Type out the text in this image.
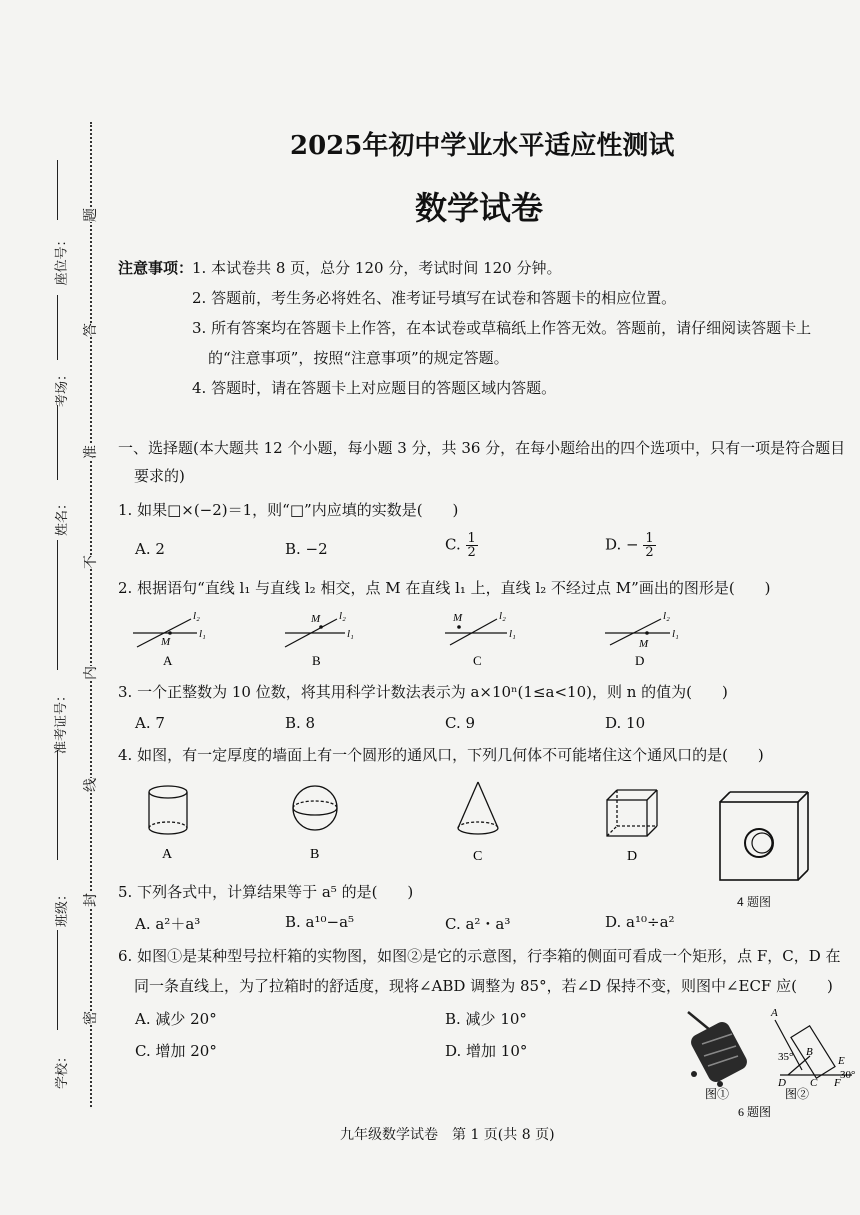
座位号：
考场：
姓名：
准考证号：
班级：
学校：
题
答
准
不
内
线
封
密
2025年初中学业水平适应性测试
数学试卷
注意事项：
1. 本试卷共 8 页，总分 120 分，考试时间 120 分钟。
2. 答题前，考生务必将姓名、准考证号填写在试卷和答题卡的相应位置。
3. 所有答案均在答题卡上作答，在本试卷或草稿纸上作答无效。答题前，请仔细阅读答题卡上
的“注意事项”，按照“注意事项”的规定答题。
4. 答题时，请在答题卡上对应题目的答题区域内答题。
一、选择题(本大题共 12 个小题，每小题 3 分，共 36 分，在每小题给出的四个选项中，只有一项是符合题目
要求的)
1. 如果□×(−2)＝1，则“□”内应填的实数是(　　)
A. 2	B. −2	C. $\frac{1}{2}$	D. − $\frac{1}{2}$
2. 根据语句“直线 l₁ 与直线 l₂ 相交，点 M 在直线 l₁ 上，直线 l₂ 不经过点 M”画出的图形是(　　)
l₂
l₁
M
A
l₂
l₁
M
B
l₂
l₁
M
C
l₂
l₁
M
D
3. 一个正整数为 10 位数，将其用科学计数法表示为 a×10ⁿ(1≤a<10)，则 n 的值为(　　)
A. 7	B. 8	C. 9	D. 10
4. 如图，有一定厚度的墙面上有一个圆形的通风口，下列几何体不可能堵住这个通风口的是(　　)
A	B	C	D
4 题图
5. 下列各式中，计算结果等于 a⁵ 的是(　　)
A. a²＋a³	B. a¹⁰−a⁵	C. a²・a³	D. a¹⁰÷a²
6. 如图①是某种型号拉杆箱的实物图，如图②是它的示意图，行李箱的侧面可看成一个矩形，点 F，C，D 在
同一条直线上，为了拉箱时的舒适度，现将∠ABD 调整为 85°，若∠D 保持不变，则图中∠ECF 应(　　)
A. 减少 20°	B. 减少 10°
C. 增加 20°	D. 增加 10°
图①
A
B
D C
E
F
35°
30°
图②
6 题图
九年级数学试卷　第 1 页(共 8 页)
